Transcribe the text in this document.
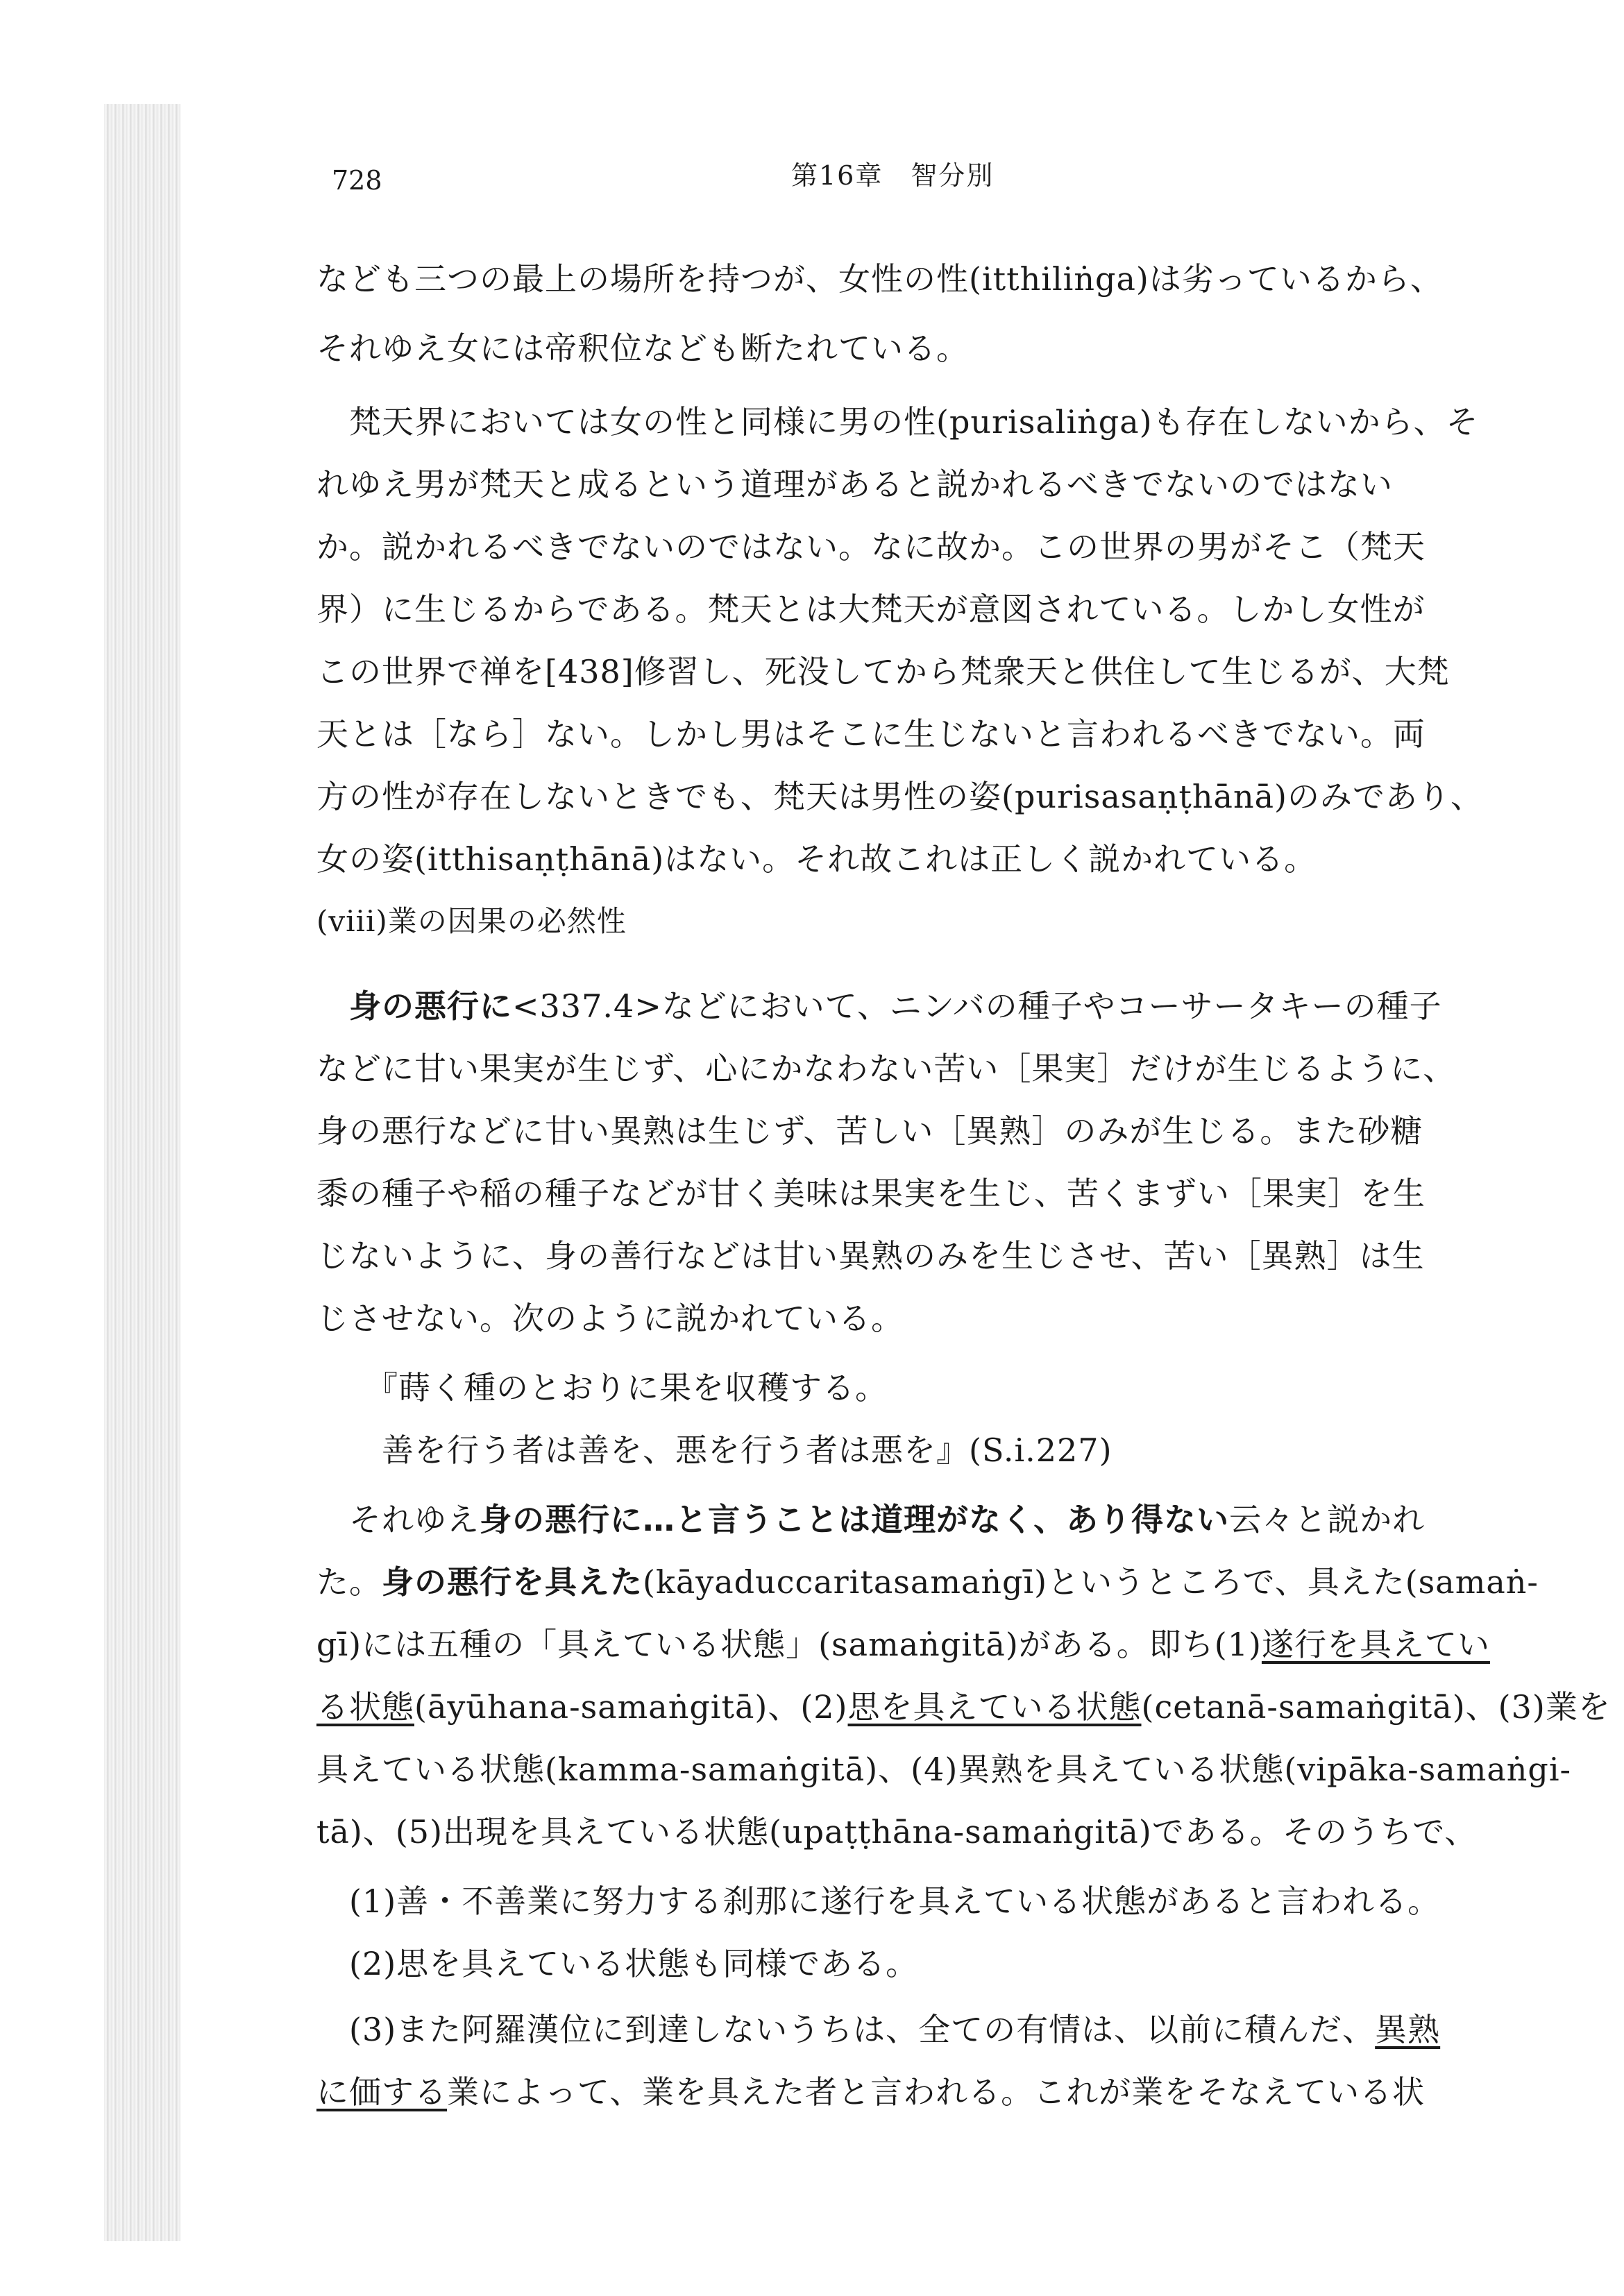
728	第16章　智分別
(viii)業の因果の必然性
なども三つの最上の場所を持つが、女性の性(itthiliṅga)は劣っているから、
それゆえ女には帝釈位なども断たれている。
　梵天界においては女の性と同様に男の性(purisaliṅga)も存在しないから、そ
れゆえ男が梵天と成るという道理があると説かれるべきでないのではない
か。説かれるべきでないのではない。なに故か。この世界の男がそこ（梵天
界）に生じるからである。梵天とは大梵天が意図されている。しかし女性が
この世界で禅を[438]修習し、死没してから梵衆天と供住して生じるが、大梵
天とは［なら］ない。しかし男はそこに生じないと言われるべきでない。両
方の性が存在しないときでも、梵天は男性の姿(purisasaṇṭhānā)のみであり、
女の姿(itthisaṇṭhānā)はない。それ故これは正しく説かれている。
　身の悪行に<337.4>などにおいて、ニンバの種子やコーサータキーの種子
などに甘い果実が生じず、心にかなわない苦い［果実］だけが生じるように、
身の悪行などに甘い異熟は生じず、苦しい［異熟］のみが生じる。また砂糖
黍の種子や稲の種子などが甘く美味は果実を生じ、苦くまずい［果実］を生
じないように、身の善行などは甘い異熟のみを生じさせ、苦い［異熟］は生
じさせない。次のように説かれている。
　　『蒔く種のとおりに果を収穫する。
　　善を行う者は善を、悪を行う者は悪を』(S.i.227)
　それゆえ身の悪行に…と言うことは道理がなく、あり得ない云々と説かれ
た。身の悪行を具えた(kāyaduccaritasamaṅgī)というところで、具えた(samaṅ-
gī)には五種の「具えている状態」(samaṅgitā)がある。即ち(1)遂行を具えてい
る状態(āyūhana-samaṅgitā)、(2)思を具えている状態(cetanā-samaṅgitā)、(3)業を
具えている状態(kamma-samaṅgitā)、(4)異熟を具えている状態(vipāka-samaṅgi-
tā)、(5)出現を具えている状態(upaṭṭhāna-samaṅgitā)である。そのうちで、
　(1)善・不善業に努力する刹那に遂行を具えている状態があると言われる。
　(2)思を具えている状態も同様である。
　(3)また阿羅漢位に到達しないうちは、全ての有情は、以前に積んだ、異熟
に価する業によって、業を具えた者と言われる。これが業をそなえている状
